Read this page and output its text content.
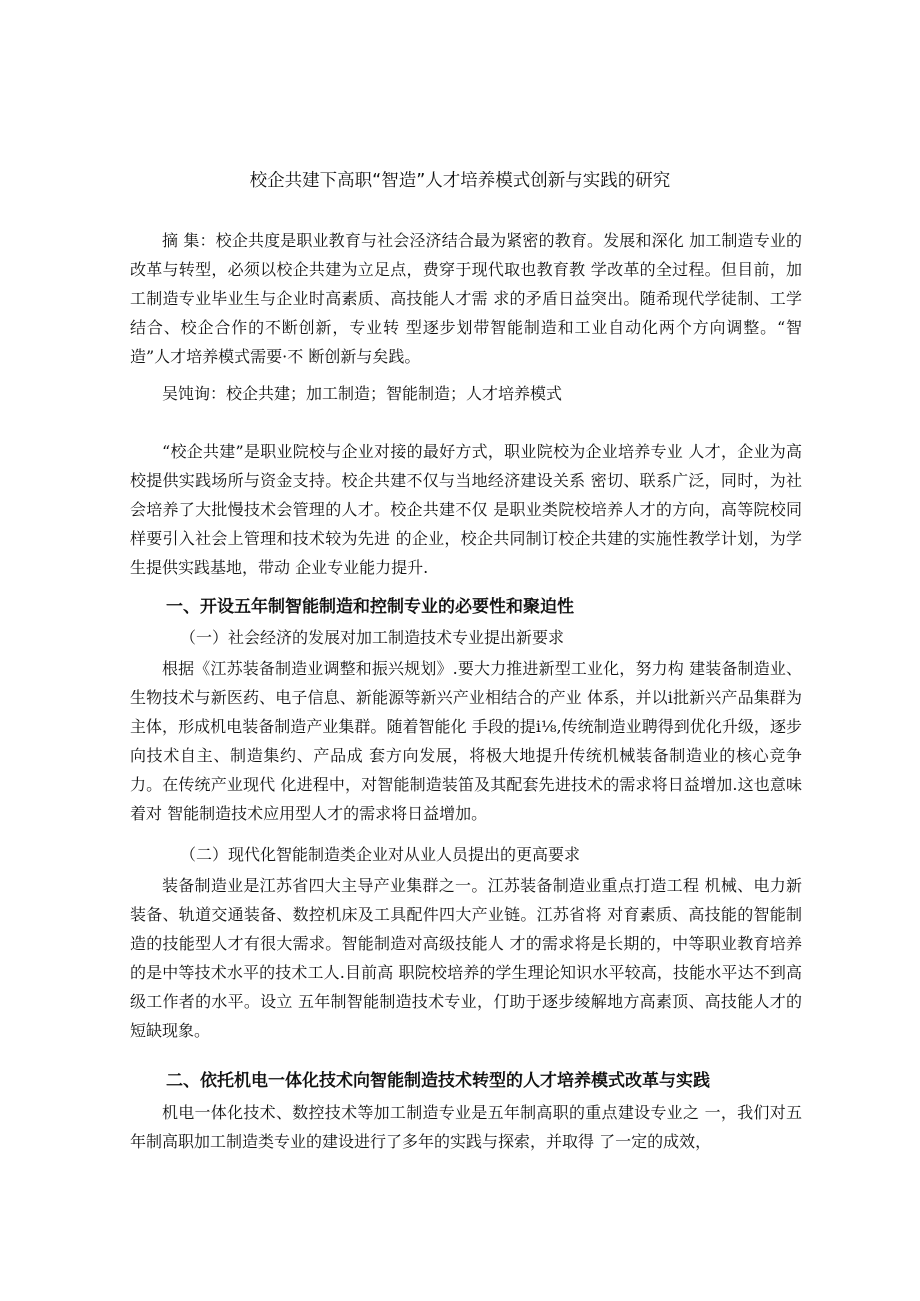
校企共建下高职“智造”人才培养模式创新与实践的研究

摘 集：校企共度是职业教育与社会泾济结合最为紧密的教育。发展和深化 加工制造专业的改革与转型，必须以校企共建为立足点，费穿于现代取也教育教 学改革的全过程。但目前，加工制造专业毕业生与企业时高素质、高技能人才需 求的矛盾日益突出。随希现代学徒制、工学结合、校企合作的不断创新，专业转 型逐步划带智能制造和工业自动化两个方向调整。“智造”人才培养模式需要·不 断创新与矣践。

吴饨询：校企共建；加工制造；智能制造；人才培养模式

“校企共建”是职业院校与企业对接的最好方式，职业院校为企业培养专业 人才，企业为高校提供实践场所与资金支持。校企共建不仅与当地经济建设关系 密切、联系广泛，同时，为社会培养了大批慢技术会管理的人才。校企共建不仅 是职业类院校培养人才的方向，高等院校同样要引入社会上管理和技术较为先进 的企业，校企共同制订校企共建的实施性教学计划，为学生提供实践基地，带动 企业专业能力提升.

一、开设五年制智能制造和控制专业的必要性和聚迫性

（一）社会经济的发展对加工制造技术专业提出新要求

根据《江苏装备制造业调整和振兴规划》.要大力推进新型工业化，努力构 建装备制造业、生物技术与新医药、电子信息、新能源等新兴产业相结合的产业 体系，并以i批新兴产品集群为主体，形成机电装备制造产业集群。随着智能化 手段的提i⅛,传统制造业聘得到优化升级，逐步向技术自主、制造集约、产品成 套方向发展，将极大地提升传统机械装备制造业的核心竞争力。在传统产业现代 化进程中，对智能制造装笛及其配套先进技术的需求将日益增加.这也意味着对 智能制造技术应用型人才的需求将日益增加。

（二）现代化智能制造类企业对从业人员提出的更高要求

装备制造业是江苏省四大主导产业集群之一。江苏装备制造业重点打造工程 机械、电力新装备、轨道交通装备、数控机床及工具配件四大产业链。江苏省将 对育素质、高技能的智能制造的技能型人才有很大需求。智能制造对高级技能人 才的需求将是长期的，中等职业教育培养的是中等技术水平的技术工人.目前高 职院校培养的学生理论知识水平较高，技能水平达不到高级工作者的水平。设立 五年制智能制造技术专业，仃助于逐步绫解地方高素顶、高技能人才的短缺现象。

二、依托机电一体化技术向智能制造技术转型的人才培养模式改革与实践

机电一体化技术、数控技术等加工制造专业是五年制高职的重点建设专业之 一，我们对五年制高职加工制造类专业的建设进行了多年的实践与探索，并取得 了一定的成效，
